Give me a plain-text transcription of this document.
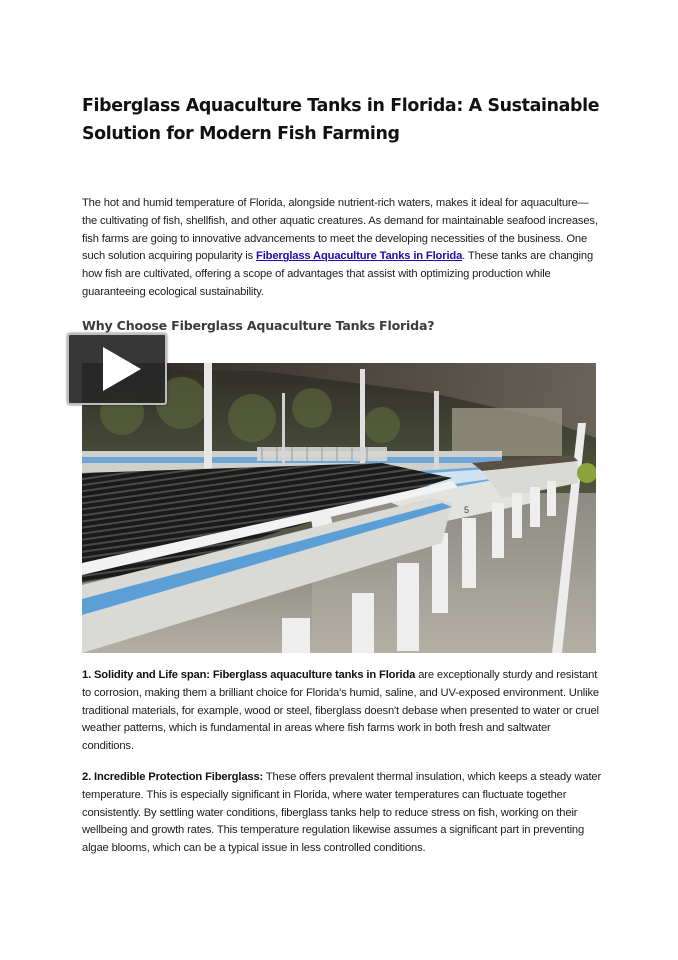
Fiberglass Aquaculture Tanks in Florida: A Sustainable Solution for Modern Fish Farming
The hot and humid temperature of Florida, alongside nutrient-rich waters, makes it ideal for aquaculture—the cultivating of fish, shellfish, and other aquatic creatures. As demand for maintainable seafood increases, fish farms are going to innovative advancements to meet the developing necessities of the business. One such solution acquiring popularity is Fiberglass Aquaculture Tanks in Florida. These tanks are changing how fish are cultivated, offering a scope of advantages that assist with optimizing production while guaranteeing ecological sustainability.
Why Choose Fiberglass Aquaculture Tanks Florida?
5
1. Solidity and Life span: Fiberglass aquaculture tanks in Florida are exceptionally sturdy and resistant to corrosion, making them a brilliant choice for Florida's humid, saline, and UV-exposed environment. Unlike traditional materials, for example, wood or steel, fiberglass doesn't debase when presented to water or cruel weather patterns, which is fundamental in areas where fish farms work in both fresh and saltwater conditions.
2. Incredible Protection Fiberglass: These offers prevalent thermal insulation, which keeps a steady water temperature. This is especially significant in Florida, where water temperatures can fluctuate together consistently. By settling water conditions, fiberglass tanks help to reduce stress on fish, working on their wellbeing and growth rates. This temperature regulation likewise assumes a significant part in preventing algae blooms, which can be a typical issue in less controlled conditions.
